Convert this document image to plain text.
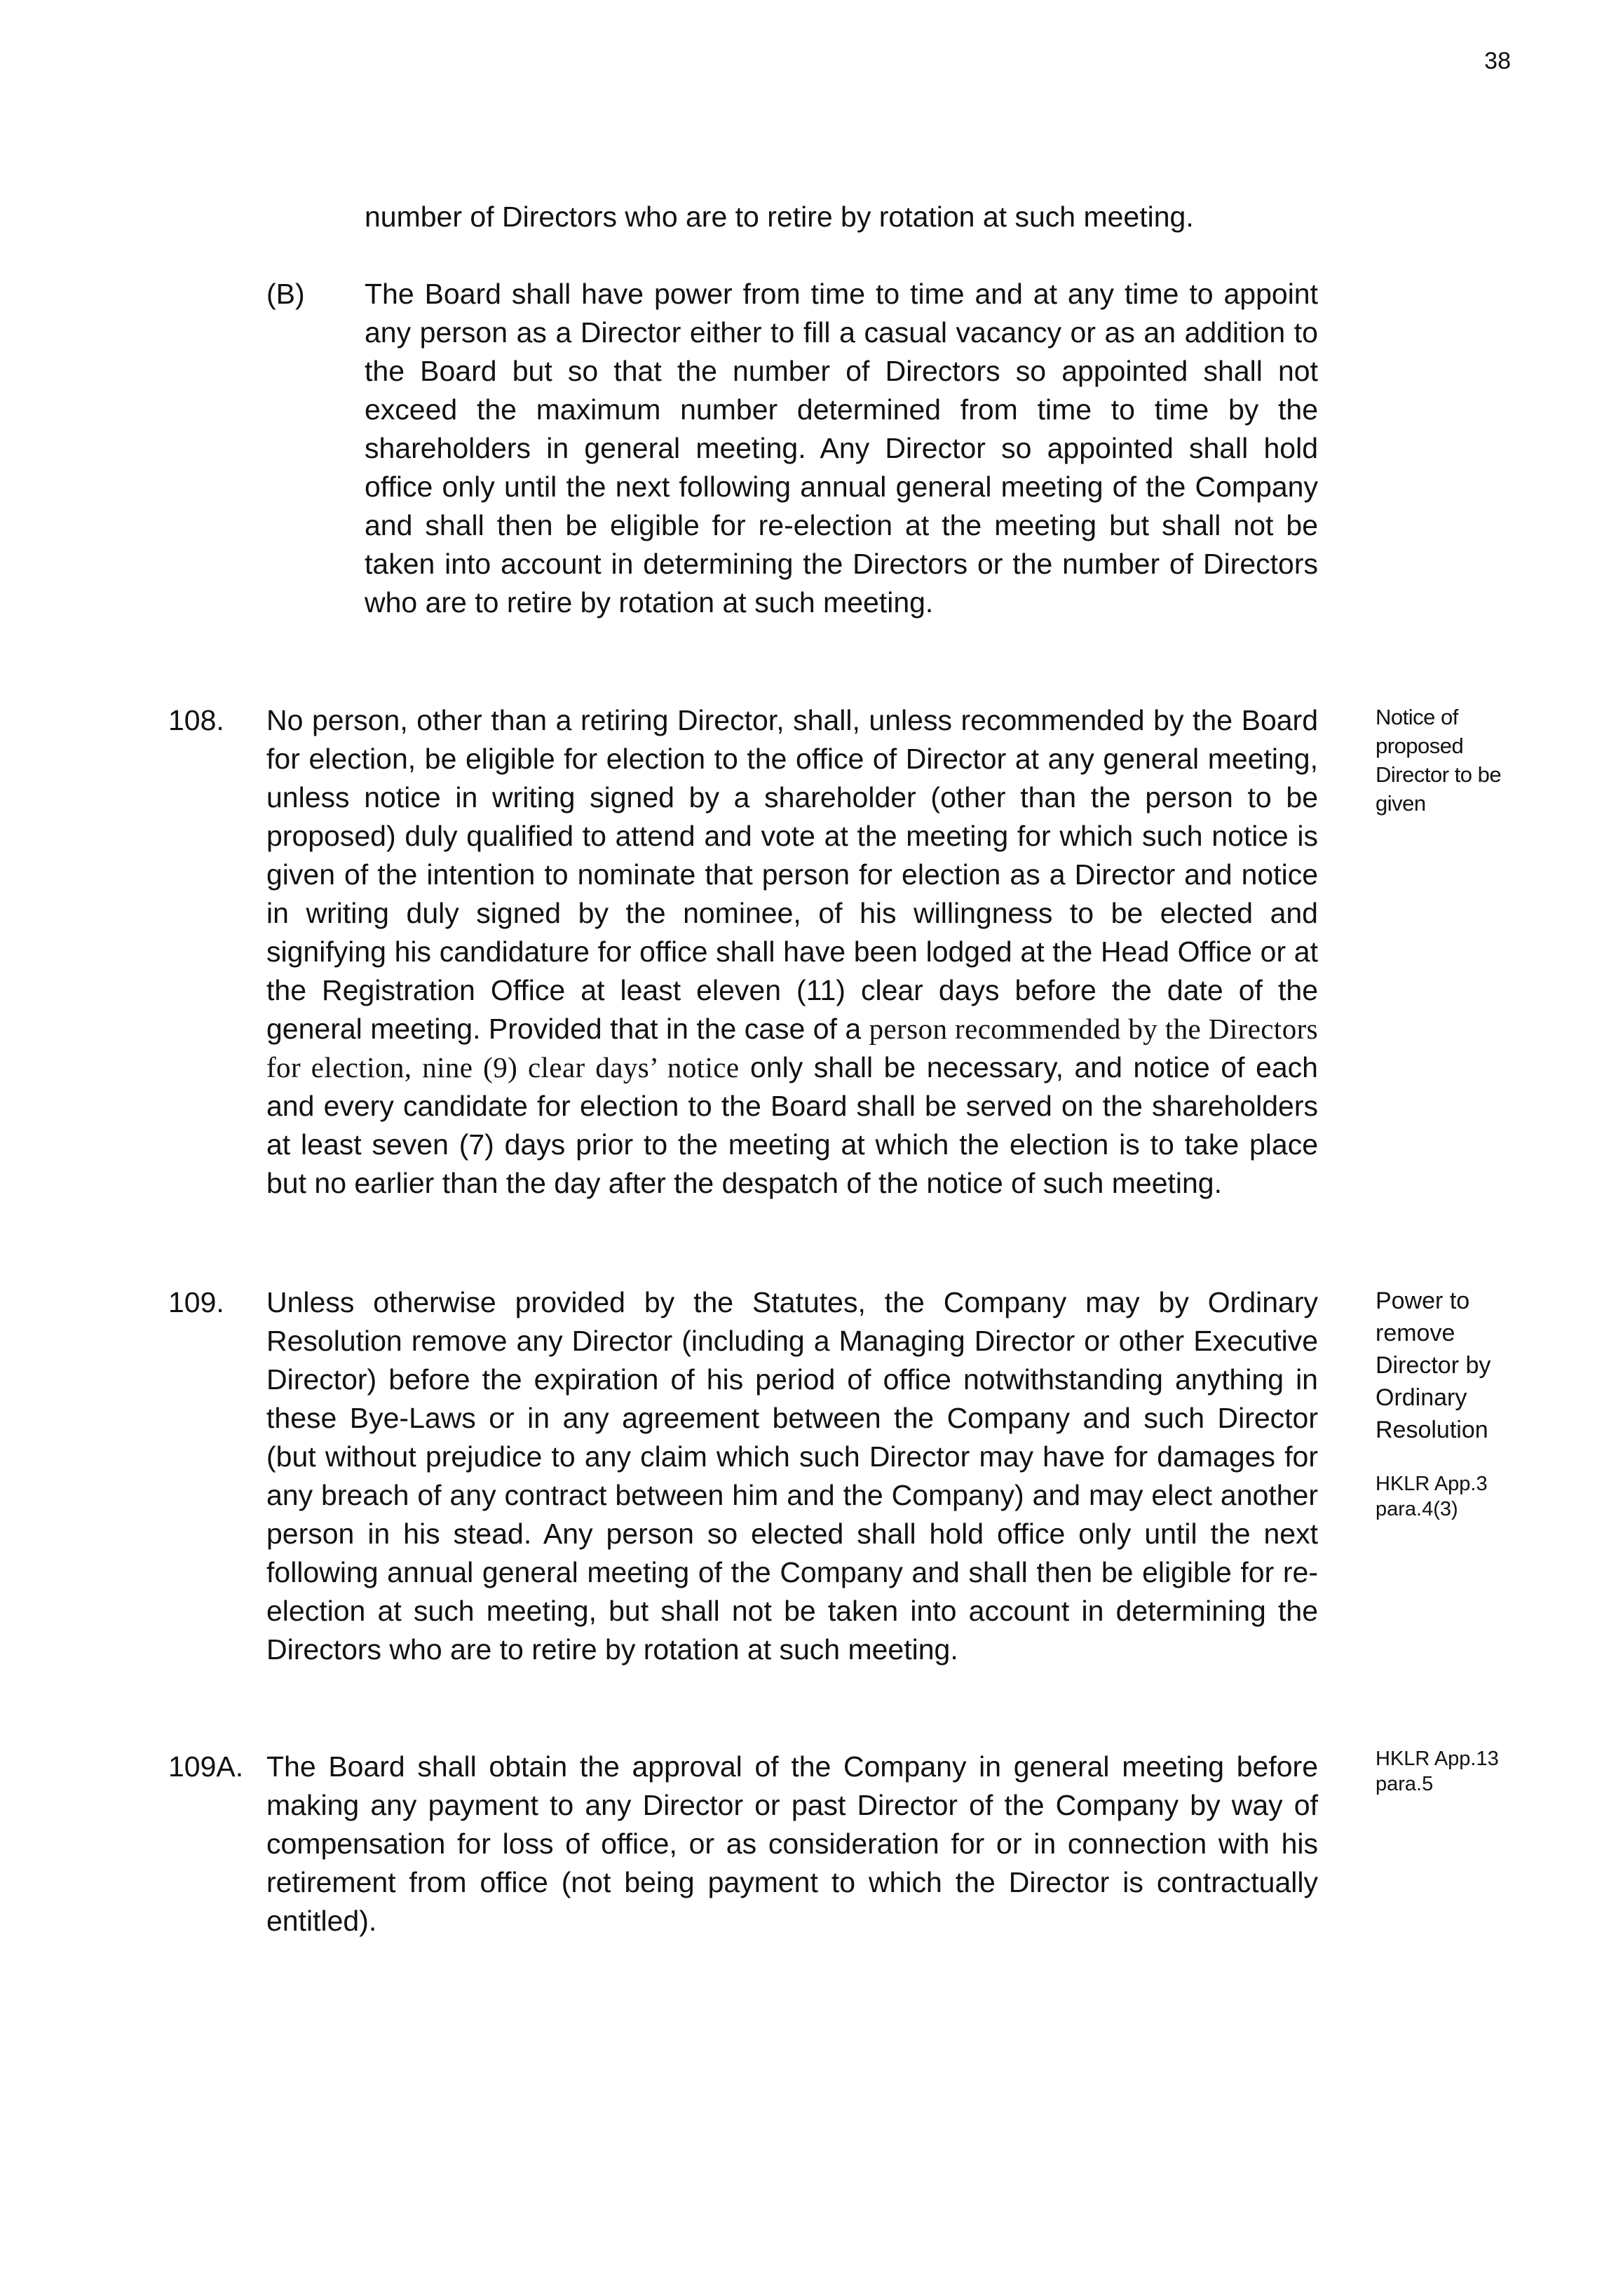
38
number of Directors who are to retire by rotation at such meeting.
(B) The Board shall have power from time to time and at any time to appoint any person as a Director either to fill a casual vacancy or as an addition to the Board but so that the number of Directors so appointed shall not exceed the maximum number determined from time to time by the shareholders in general meeting. Any Director so appointed shall hold office only until the next following annual general meeting of the Company and shall then be eligible for re-election at the meeting but shall not be taken into account in determining the Directors or the number of Directors who are to retire by rotation at such meeting.
108. No person, other than a retiring Director, shall, unless recommended by the Board for election, be eligible for election to the office of Director at any general meeting, unless notice in writing signed by a shareholder (other than the person to be proposed) duly qualified to attend and vote at the meeting for which such notice is given of the intention to nominate that person for election as a Director and notice in writing duly signed by the nominee, of his willingness to be elected and signifying his candidature for office shall have been lodged at the Head Office or at the Registration Office at least eleven (11) clear days before the date of the general meeting. Provided that in the case of a person recommended by the Directors for election, nine (9) clear days’ notice only shall be necessary, and notice of each and every candidate for election to the Board shall be served on the shareholders at least seven (7) days prior to the meeting at which the election is to take place but no earlier than the day after the despatch of the notice of such meeting.
Notice of proposed Director to be given
109. Unless otherwise provided by the Statutes, the Company may by Ordinary Resolution remove any Director (including a Managing Director or other Executive Director) before the expiration of his period of office notwithstanding anything in these Bye-Laws or in any agreement between the Company and such Director (but without prejudice to any claim which such Director may have for damages for any breach of any contract between him and the Company) and may elect another person in his stead. Any person so elected shall hold office only until the next following annual general meeting of the Company and shall then be eligible for re-election at such meeting, but shall not be taken into account in determining the Directors who are to retire by rotation at such meeting.
Power to remove Director by Ordinary Resolution
HKLR App.3 para.4(3)
109A. The Board shall obtain the approval of the Company in general meeting before making any payment to any Director or past Director of the Company by way of compensation for loss of office, or as consideration for or in connection with his retirement from office (not being payment to which the Director is contractually entitled).
HKLR App.13 para.5
